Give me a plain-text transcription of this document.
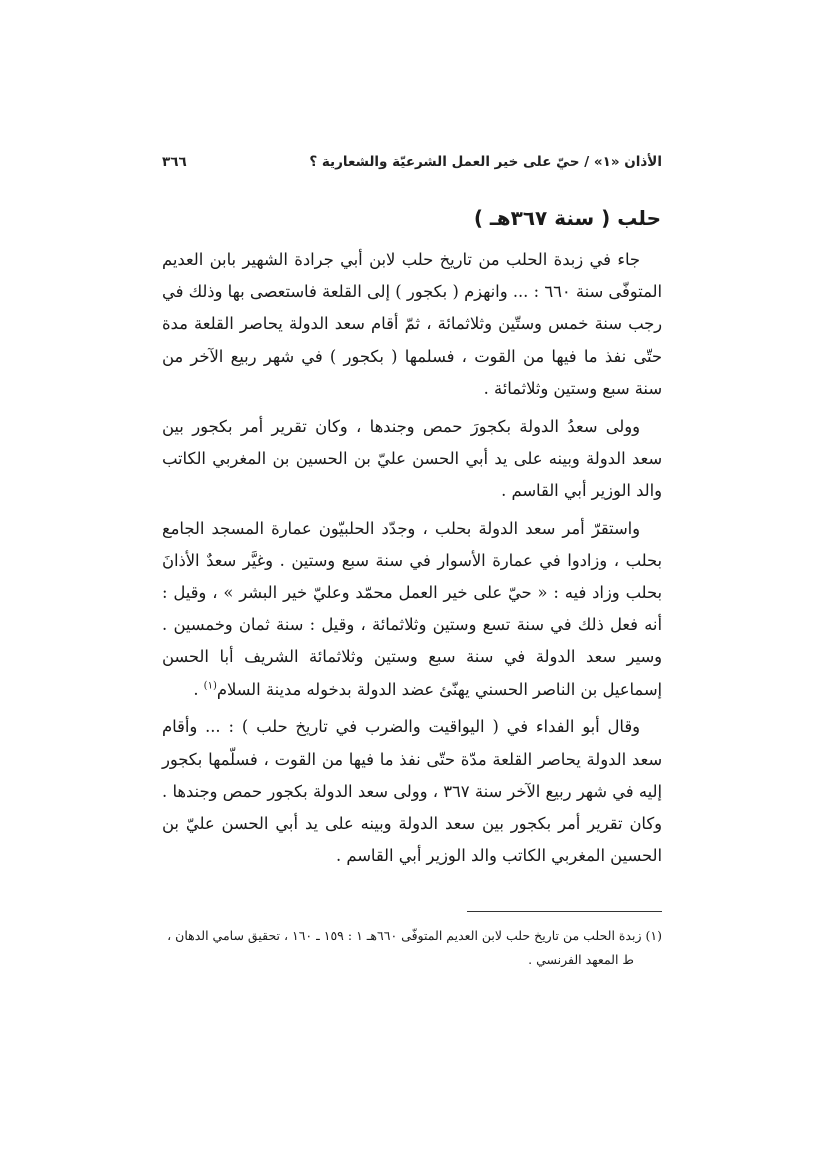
الأذان «١» / حيّ على خير العمل الشرعيّة والشعارية ؟
٣٦٦
حلب ( سنة ٣٦٧هـ )

جاء في زبدة الحلب من تاريخ حلب لابن أبي جرادة الشهير بابن العديم المتوفّى سنة ٦٦٠ : ... وانهزم ( بكجور ) إلى القلعة فاستعصى بها وذلك في رجب سنة خمس وستّين وثلاثمائة ، ثمّ أقام سعد الدولة يحاصر القلعة مدة حتّى نفذ ما فيها من القوت ، فسلمها ( بكجور ) في شهر ربيع الآخر من سنة سبع وستين وثلاثمائة .

وولى سعدُ الدولة بكجورَ حمص وجندها ، وكان تقرير أمر بكجور بين سعد الدولة وبينه على يد أبي الحسن عليّ بن الحسين بن المغربي الكاتب والد الوزير أبي القاسم .

واستقرّ أمر سعد الدولة بحلب ، وجدّد الحلبيّون عمارة المسجد الجامع بحلب ، وزادوا في عمارة الأسوار في سنة سبع وستين . وغيَّر سعدٌ الأذانَ بحلب وزاد فيه : « حيّ على خير العمل محمّد وعليّ خير البشر » ، وقيل : أنه فعل ذلك في سنة تسع وستين وثلاثمائة ، وقيل : سنة ثمان وخمسين . وسير سعد الدولة في سنة سبع وستين وثلاثمائة الشريف أبا الحسن إسماعيل بن الناصر الحسني يهنّئ عضد الدولة بدخوله مدينة السلام$^{(١)}$ .

وقال أبو الفداء في ( اليواقيت والضرب في تاريخ حلب ) : ... وأقام سعد الدولة يحاصر القلعة مدّة حتّى نفذ ما فيها من القوت ، فسلّمها بكجور إليه في شهر ربيع الآخر سنة ٣٦٧ ، وولى سعد الدولة بكجور حمص وجندها . وكان تقرير أمر بكجور بين سعد الدولة وبينه على يد أبي الحسن عليّ بن الحسين المغربي الكاتب والد الوزير أبي القاسم .

(١) زبدة الحلب من تاريخ حلب لابن العديم المتوفّى ٦٦٠هـ ١ : ١٥٩ ـ ١٦٠ ، تحقيق سامي الدهان ،

ط المعهد الفرنسي .
